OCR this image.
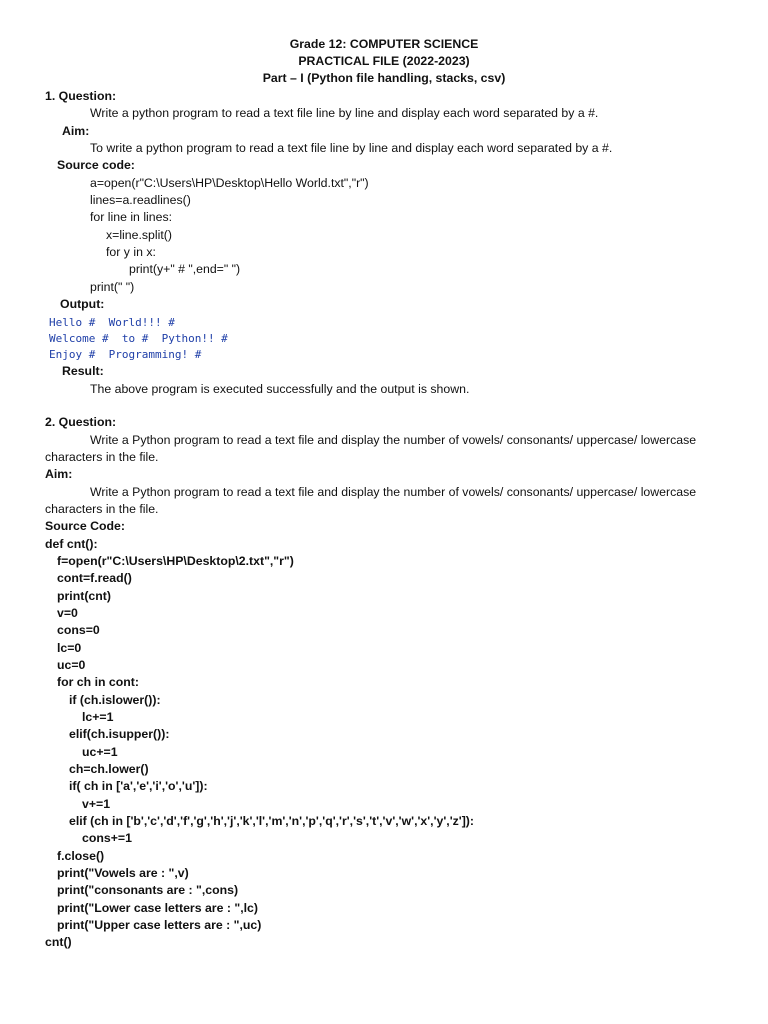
Grade 12: COMPUTER SCIENCE
PRACTICAL FILE (2022-2023)
Part – I (Python file handling, stacks, csv)
1. Question:
Write a python program to read a text file line by line and display each word separated by a #.
Aim:
To write a python program to read a text file line by line and display each word separated by a #.
Source code:
a=open(r"C:\Users\HP\Desktop\Hello World.txt","r")
lines=a.readlines()
for line in lines:
x=line.split()
for y in x:
print(y+" # ",end=" ")
print(" ")
Output:
Hello #  World!!! #
Welcome #  to #  Python!! #
Enjoy #  Programming! #
Result:
The above program is executed successfully and the output is shown.
2. Question:
Write a Python program to read a text file and display the number of vowels/ consonants/ uppercase/ lowercase
characters in the file.
Aim:
Write a Python program to read a text file and display the number of vowels/ consonants/ uppercase/ lowercase
characters in the file.
Source Code:
def cnt():
f=open(r"C:\Users\HP\Desktop\2.txt","r")
cont=f.read()
print(cnt)
v=0
cons=0
lc=0
uc=0
for ch in cont:
if (ch.islower()):
lc+=1
elif(ch.isupper()):
uc+=1
ch=ch.lower()
if( ch in ['a','e','i','o','u']):
v+=1
elif (ch in ['b','c','d','f','g','h','j','k','l','m','n','p','q','r','s','t','v','w','x','y','z']):
cons+=1
f.close()
print("Vowels are : ",v)
print("consonants are : ",cons)
print("Lower case letters are : ",lc)
print("Upper case letters are : ",uc)
cnt()
